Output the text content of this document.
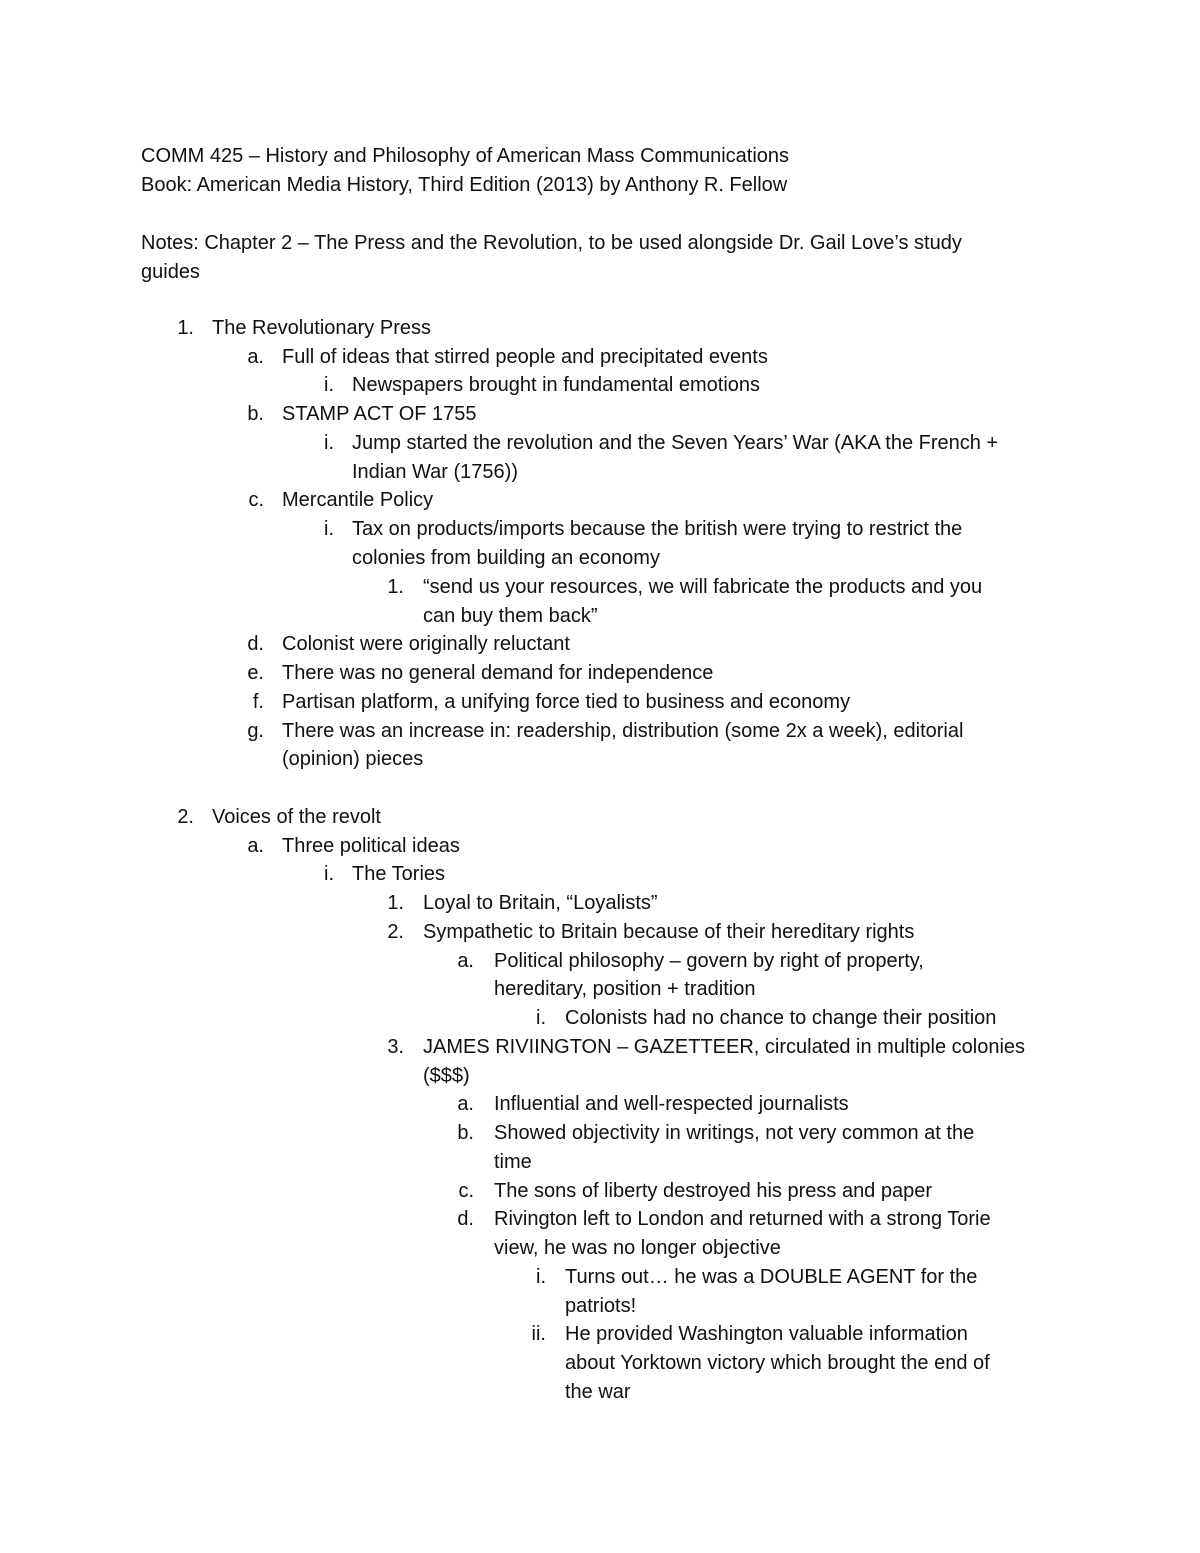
COMM 425 – History and Philosophy of American Mass Communications
Book: American Media History, Third Edition (2013) by Anthony R. Fellow
Notes: Chapter 2 – The Press and the Revolution, to be used alongside Dr. Gail Love’s study
guides
1. The Revolutionary Press
a. Full of ideas that stirred people and precipitated events
i. Newspapers brought in fundamental emotions
b. STAMP ACT OF 1755
i. Jump started the revolution and the Seven Years’ War (AKA the French +
Indian War (1756))
c. Mercantile Policy
i. Tax on products/imports because the british were trying to restrict the
colonies from building an economy
1. “send us your resources, we will fabricate the products and you
can buy them back”
d. Colonist were originally reluctant
e. There was no general demand for independence
f. Partisan platform, a unifying force tied to business and economy
g. There was an increase in: readership, distribution (some 2x a week), editorial
(opinion) pieces
2. Voices of the revolt
a. Three political ideas
i. The Tories
1. Loyal to Britain, “Loyalists”
2. Sympathetic to Britain because of their hereditary rights
a. Political philosophy – govern by right of property,
hereditary, position + tradition
i. Colonists had no chance to change their position
3. JAMES RIVIINGTON – GAZETTEER, circulated in multiple colonies
($$$)
a. Influential and well-respected journalists
b. Showed objectivity in writings, not very common at the
time
c. The sons of liberty destroyed his press and paper
d. Rivington left to London and returned with a strong Torie
view, he was no longer objective
i. Turns out… he was a DOUBLE AGENT for the
patriots!
ii. He provided Washington valuable information
about Yorktown victory which brought the end of
the war
